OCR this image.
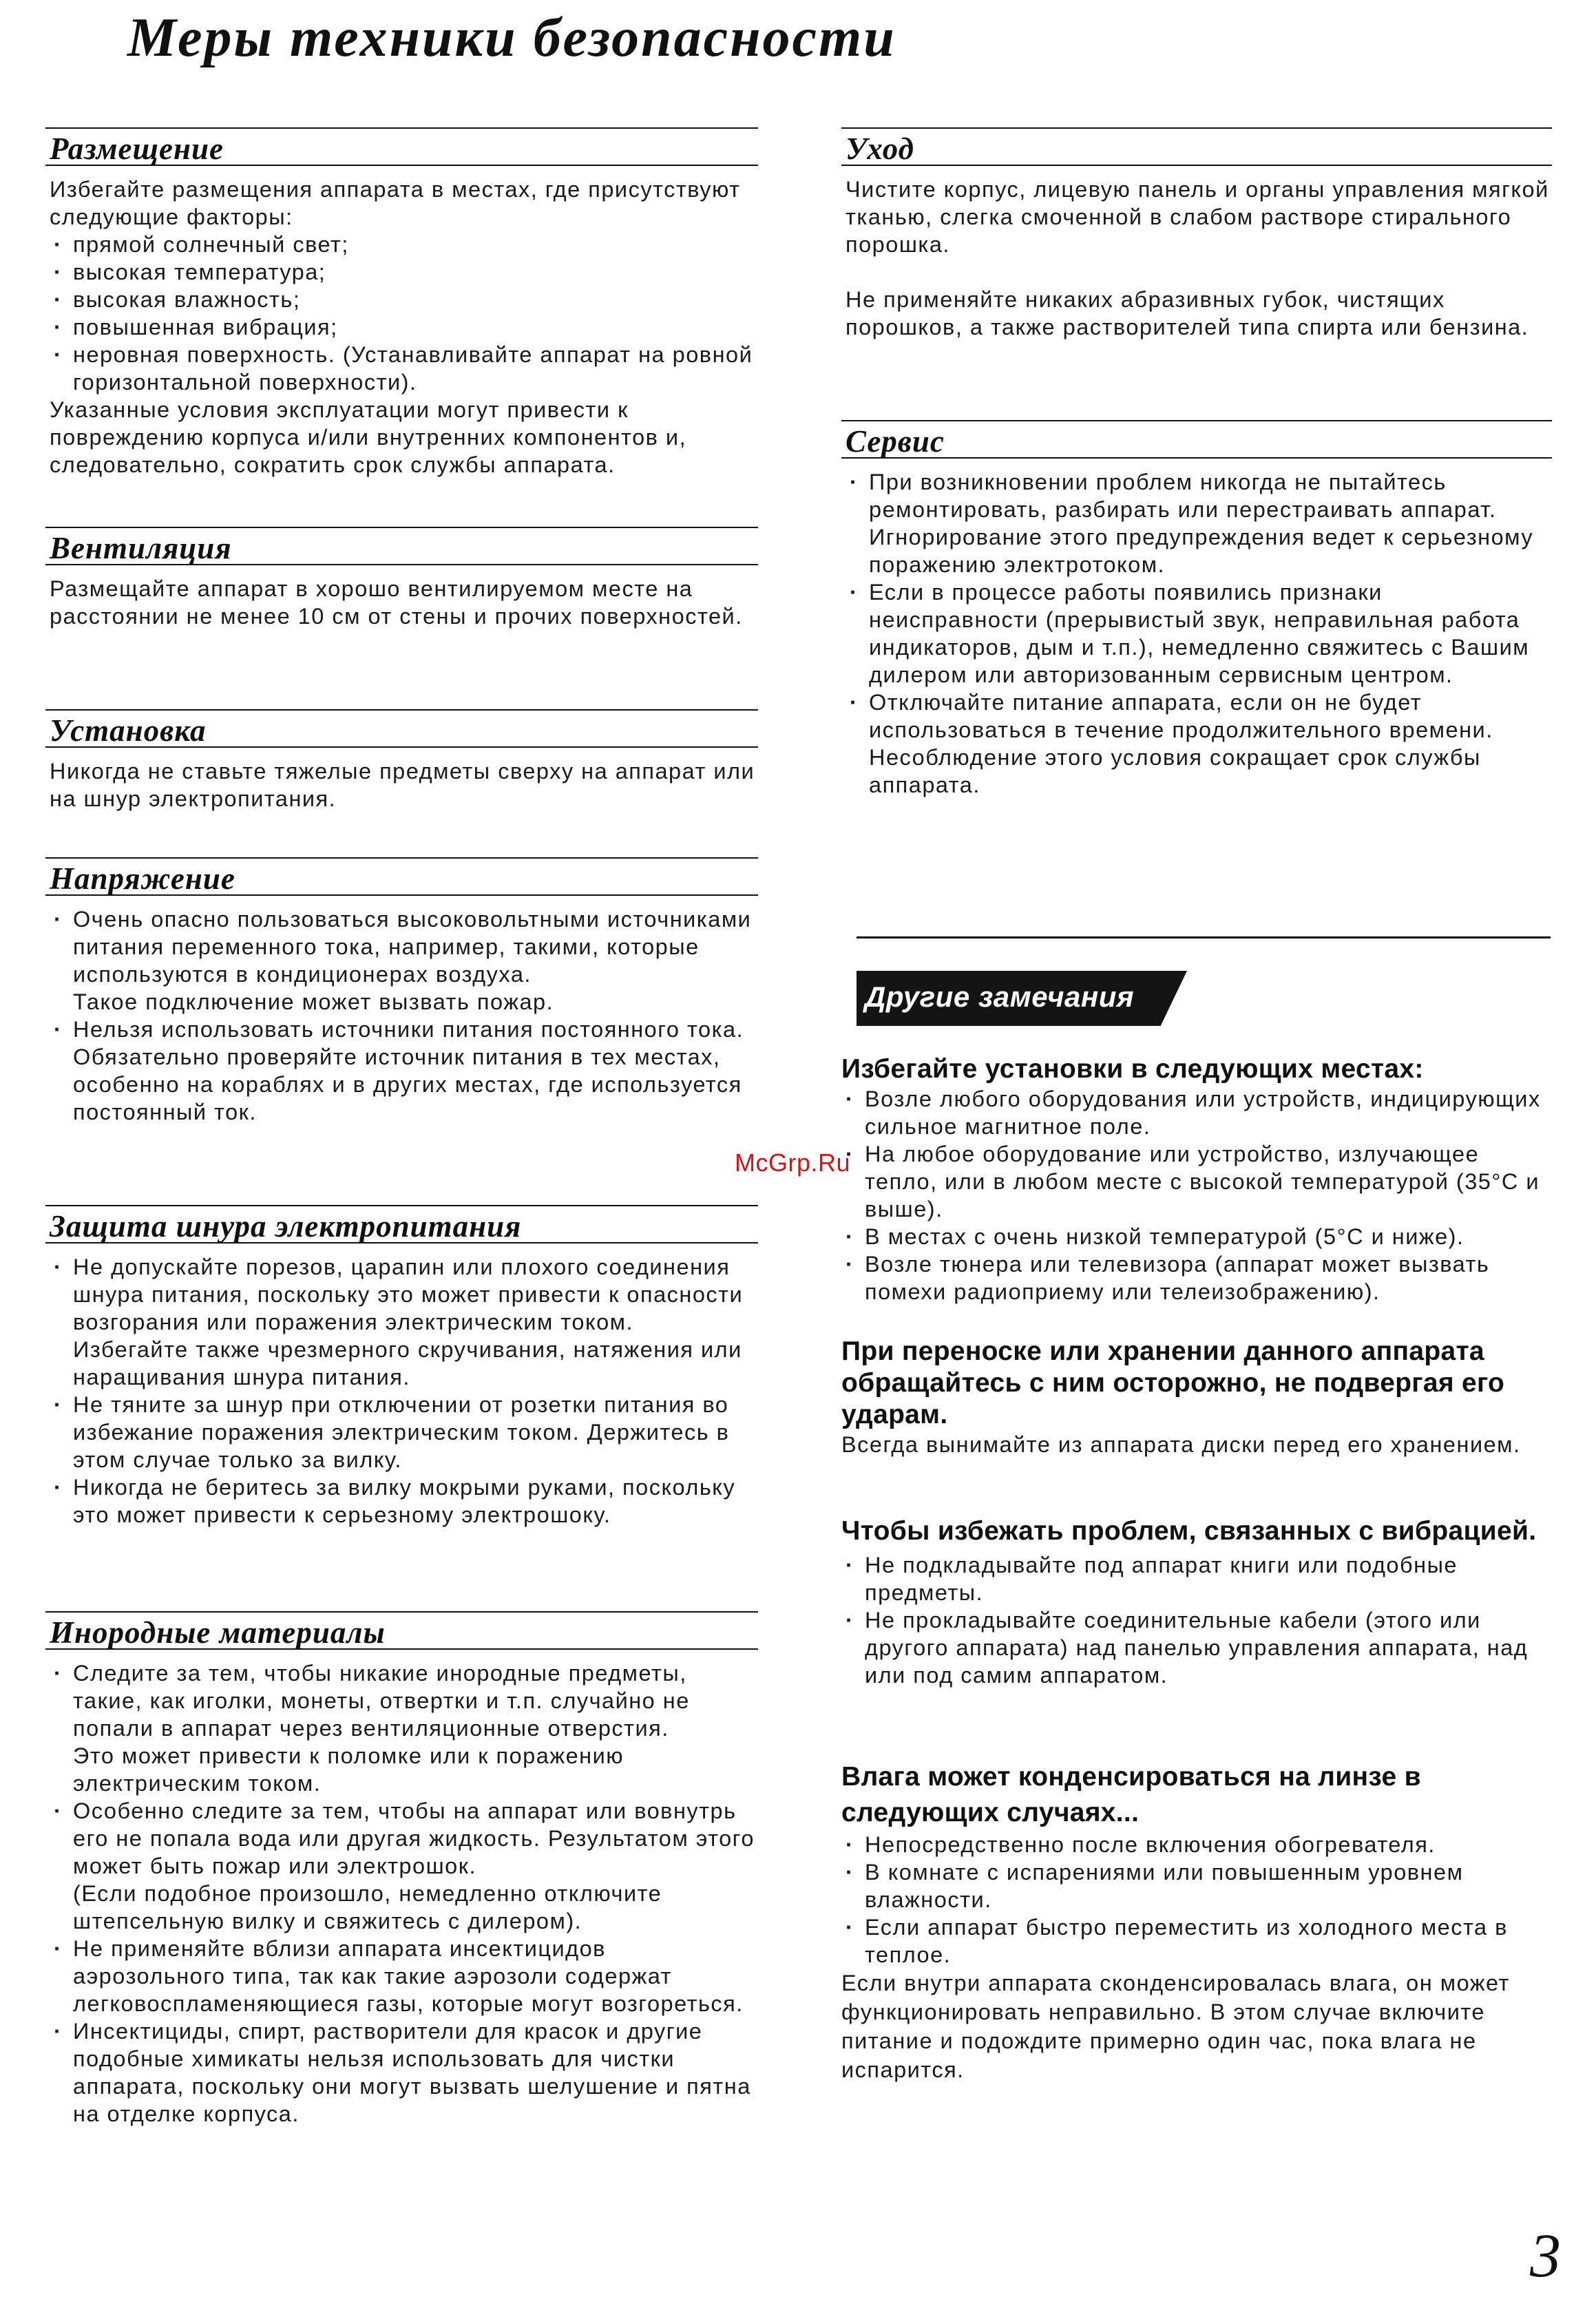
Меры техники безопасности
Размещение

Избегайте размещения аппарата в местах, где присутствуют следующие факторы:

· прямой солнечный свет;
· высокая температура;
· высокая влажность;
· повышенная вибрация;
· неровная поверхность. (Устанавливайте аппарат на ровной горизонтальной поверхности).

Указанные условия эксплуатации могут привести к повреждению корпуса и/или внутренних компонентов и, следовательно, сократить срок службы аппарата.

Вентиляция

Размещайте аппарат в хорошо вентилируемом месте на расстоянии не менее 10 см от стены и прочих поверхностей.

Установка

Никогда не ставьте тяжелые предметы сверху на аппарат или на шнур электропитания.

Напряжение

· Очень опасно пользоваться высоковольтными источниками питания переменного тока, например, такими, которые используются в кондиционерах воздуха.

Такое подключение может вызвать пожар.

· Нельзя использовать источники питания постоянного тока.

Обязательно проверяйте источник питания в тех местах, особенно на кораблях и в других местах, где используется постоянный ток.

Защита шнура электропитания

· Не допускайте порезов, царапин или плохого соединения шнура питания, поскольку это может привести к опасности возгорания или поражения электрическим током.

Избегайте также чрезмерного скручивания, натяжения или наращивания шнура питания.

· Не тяните за шнур при отключении от розетки питания во избежание поражения электрическим током. Держитесь в этом случае только за вилку.

· Никогда не беритесь за вилку мокрыми руками, поскольку это может привести к серьезному электрошоку.

Инородные материалы

· Следите за тем, чтобы никакие инородные предметы, такие, как иголки, монеты, отвертки и т.п. случайно не попали в аппарат через вентиляционные отверстия.

Это может привести к поломке или к поражению электрическим током.

· Особенно следите за тем, чтобы на аппарат или вовнутрь его не попала вода или другая жидкость. Результатом этого может быть пожар или электрошок.

(Если подобное произошло, немедленно отключите штепсельную вилку и свяжитесь с дилером).

· Не применяйте вблизи аппарата инсектицидов аэрозольного типа, так как такие аэрозоли содержат легковоспламеняющиеся газы, которые могут возгореться.

· Инсектициды, спирт, растворители для красок и другие подобные химикаты нельзя использовать для чистки аппарата, поскольку они могут вызвать шелушение и пятна на отделке корпуса.

Уход

Чистите корпус, лицевую панель и органы управления мягкой тканью, слегка смоченной в слабом растворе стирального порошка.

Не применяйте никаких абразивных губок, чистящих порошков, а также растворителей типа спирта или бензина.

Сервис

· При возникновении проблем никогда не пытайтесь ремонтировать, разбирать или перестраивать аппарат.

Игнорирование этого предупреждения ведет к серьезному поражению электротоком.

· Если в процессе работы появились признаки неисправности (прерывистый звук, неправильная работа индикаторов, дым и т.п.), немедленно свяжитесь с Вашим дилером или авторизованным сервисным центром.

· Отключайте питание аппарата, если он не будет использоваться в течение продолжительного времени. Несоблюдение этого условия сокращает срок службы аппарата.

Другие замечания
Избегайте установки в следующих местах:
· Возле любого оборудования или устройств, индицирующих сильное магнитное поле.
· На любое оборудование или устройство, излучающее тепло, или в любом месте с высокой температурой (35°C и выше).
· В местах с очень низкой температурой (5°C и ниже).
· Возле тюнера или телевизора (аппарат может вызвать помехи радиоприему или телеизображению).
При переноске или хранении данного аппарата обращайтесь с ним осторожно, не подвергая его ударам.

Всегда вынимайте из аппарата диски перед его хранением.

Чтобы избежать проблем, связанных с вибрацией.
· Не подкладывайте под аппарат книги или подобные предметы.
· Не прокладывайте соединительные кабели (этого или другого аппарата) над панелью управления аппарата, над или под самим аппаратом.
Влага может конденсироваться на линзе в следующих случаях...
· Непосредственно после включения обогревателя.
· В комнате с испарениями или повышенным уровнем влажности.
· Если аппарат быстро переместить из холодного места в теплое.

Если внутри аппарата сконденсировалась влага, он может функционировать неправильно. В этом случае включите питание и подождите примерно один час, пока влага не испарится.

McGrp.Ru
3
